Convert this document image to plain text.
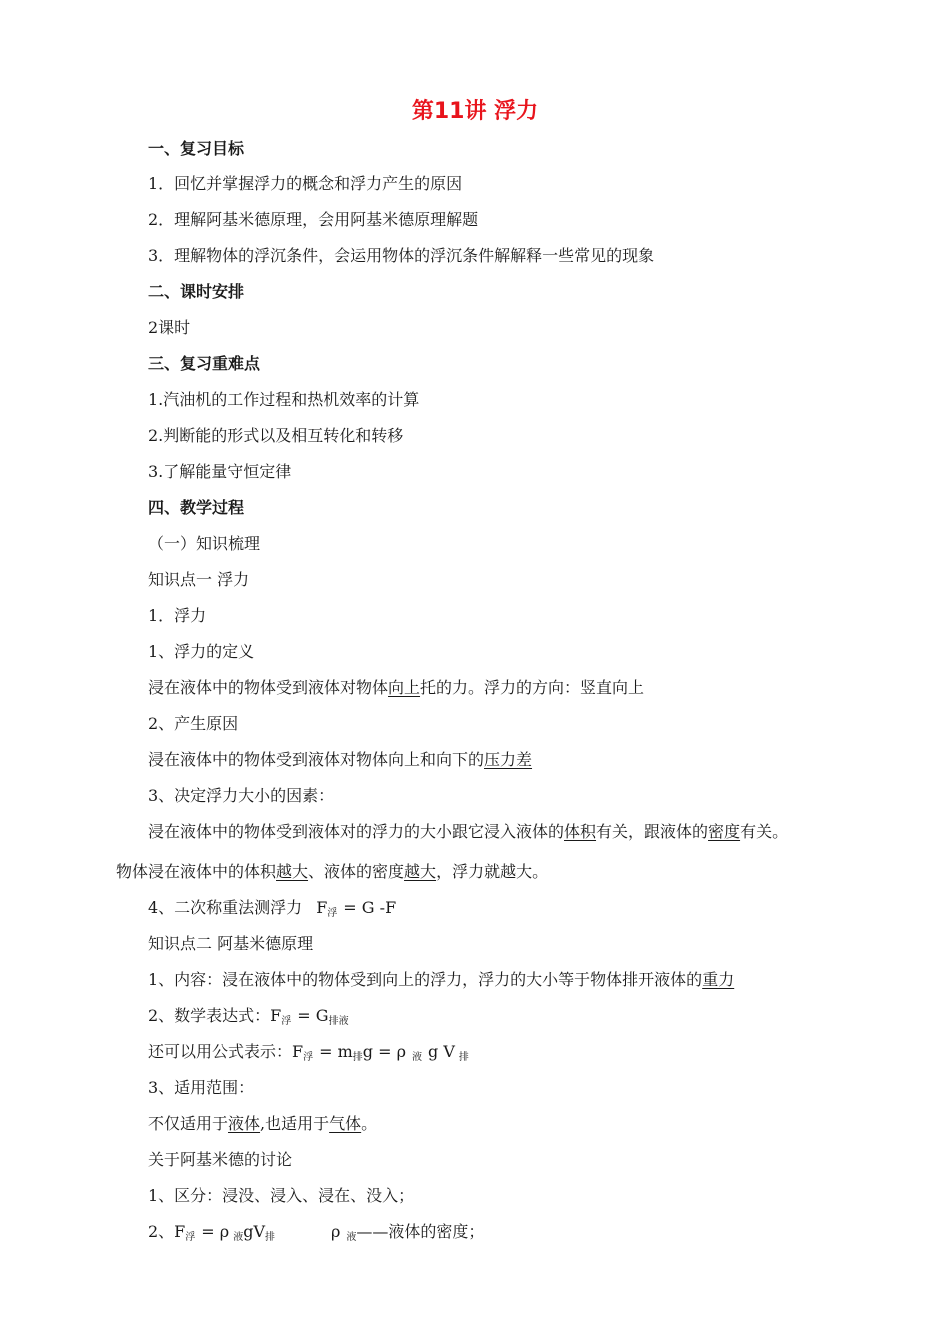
第11讲 浮力
一、复习目标
1．回忆并掌握浮力的概念和浮力产生的原因
2．理解阿基米德原理，会用阿基米德原理解题
3．理解物体的浮沉条件，会运用物体的浮沉条件解解释一些常见的现象
二、课时安排
2课时
三、复习重难点
1.汽油机的工作过程和热机效率的计算
2.判断能的形式以及相互转化和转移
3.了解能量守恒定律
四、教学过程
（一）知识梳理
知识点一 浮力
1．浮力
1、浮力的定义
浸在液体中的物体受到液体对物体向上托的力。浮力的方向：竖直向上
2、产生原因
浸在液体中的物体受到液体对物体向上和向下的压力差
3、决定浮力大小的因素：
浸在液体中的物体受到液体对的浮力的大小跟它浸入液体的体积有关，跟液体的密度有关。
物体浸在液体中的体积越大、液体的密度越大，浮力就越大。
4、二次称重法测浮力 F浮 = G -F
知识点二 阿基米德原理
1、内容：浸在液体中的物体受到向上的浮力，浮力的大小等于物体排开液体的重力
2、数学表达式：F浮 = G排液
还可以用公式表示：F浮 = m排g = ρ 液 g V 排
3、适用范围：
不仅适用于液体,也适用于气体。
关于阿基米德的讨论
1、区分：浸没、浸入、浸在、没入；
2、F浮 = ρ 液gV排	ρ 液——液体的密度；
